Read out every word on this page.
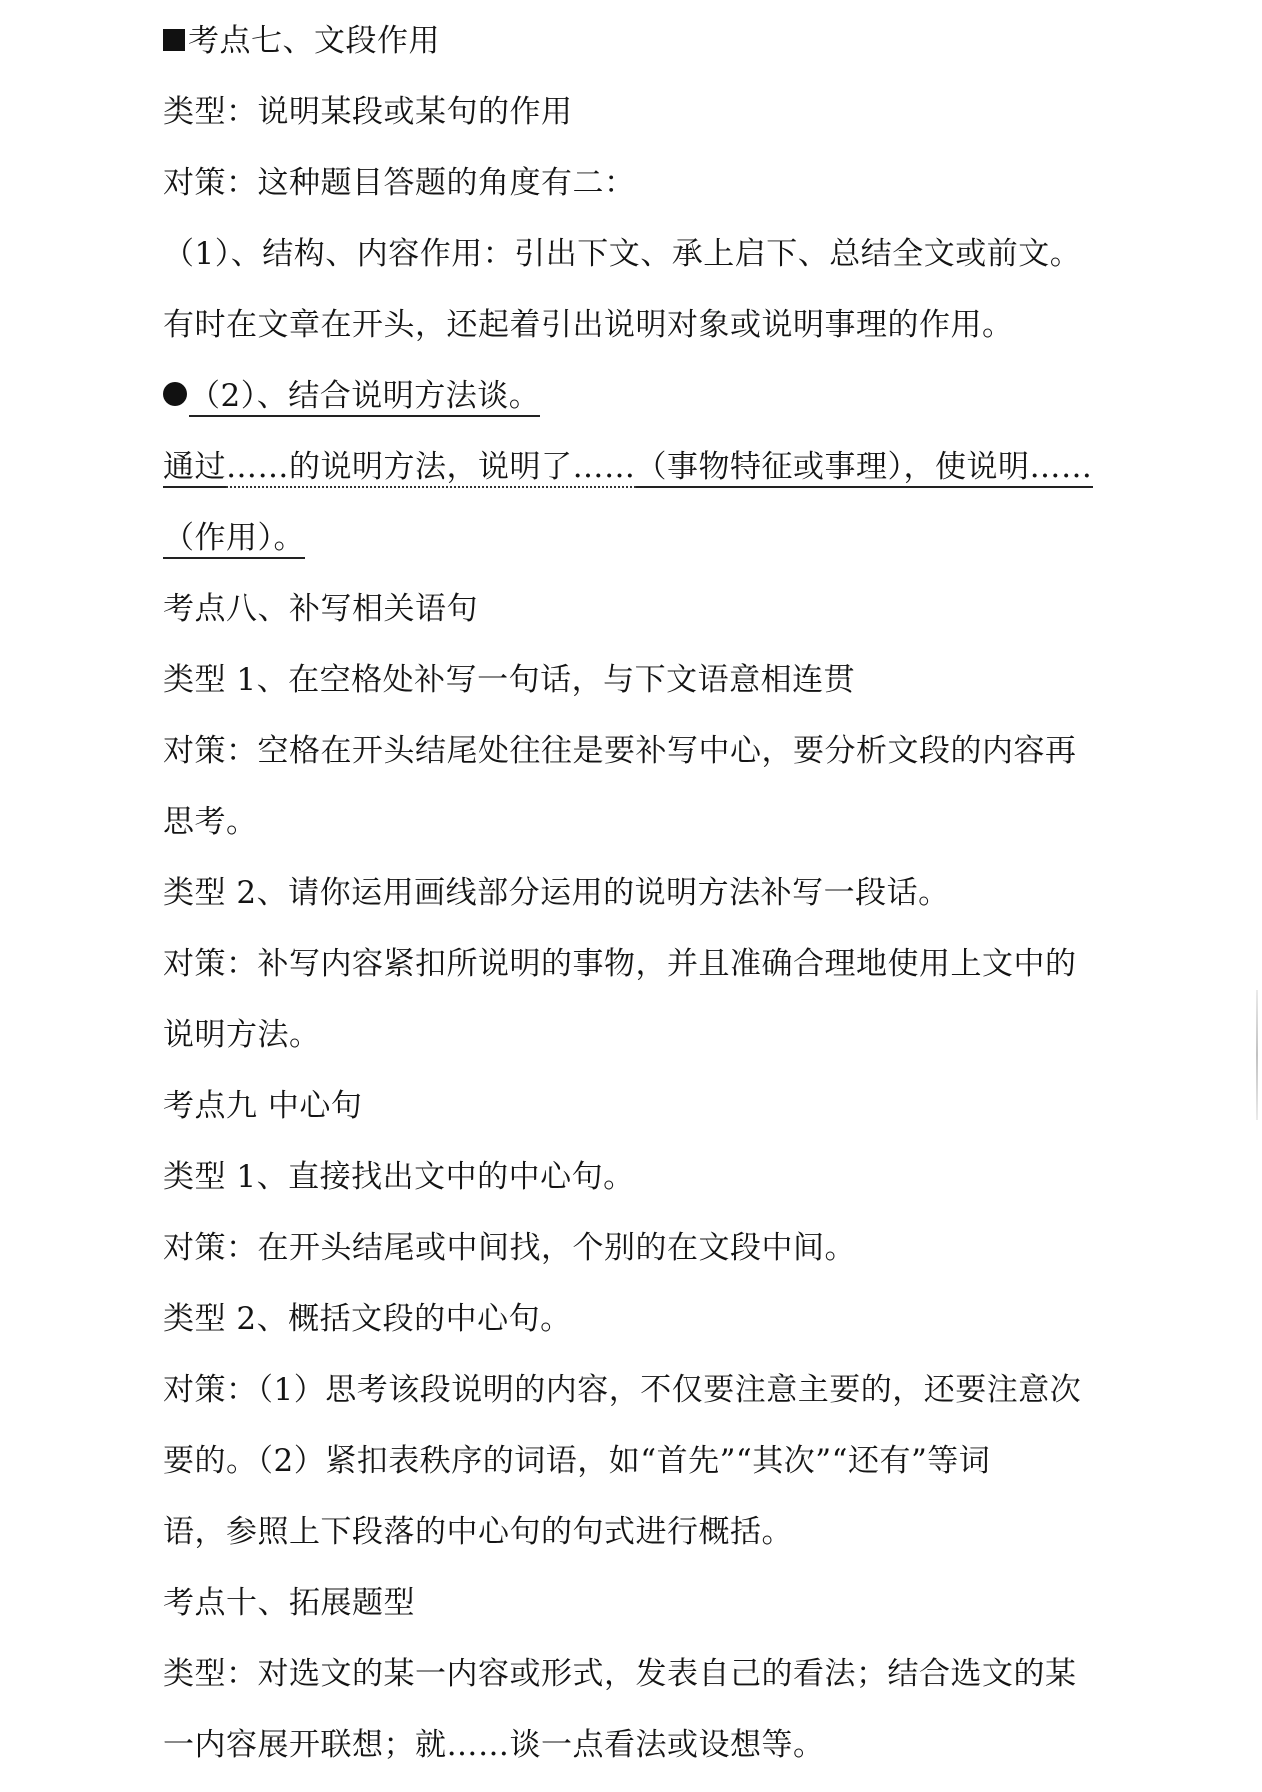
考点七、文段作用
类型：说明某段或某句的作用
对策：这种题目答题的角度有二：
（1）、结构、内容作用：引出下文、承上启下、总结全文或前文。
有时在文章在开头，还起着引出说明对象或说明事理的作用。
（2）、结合说明方法谈。
通过……的说明方法，说明了……（事物特征或事理），使说明……
（作用）。
考点八、补写相关语句
类型 1、在空格处补写一句话，与下文语意相连贯
对策：空格在开头结尾处往往是要补写中心，要分析文段的内容再
思考。
类型 2、请你运用画线部分运用的说明方法补写一段话。
对策：补写内容紧扣所说明的事物，并且准确合理地使用上文中的
说明方法。
考点九 中心句
类型 1、直接找出文中的中心句。
对策：在开头结尾或中间找，个别的在文段中间。
类型 2、概括文段的中心句。
对策：（1）思考该段说明的内容，不仅要注意主要的，还要注意次
要的。（2）紧扣表秩序的词语，如“首先”“其次”“还有”等词
语，参照上下段落的中心句的句式进行概括。
考点十、拓展题型
类型：对选文的某一内容或形式，发表自己的看法；结合选文的某
一内容展开联想；就……谈一点看法或设想等。
